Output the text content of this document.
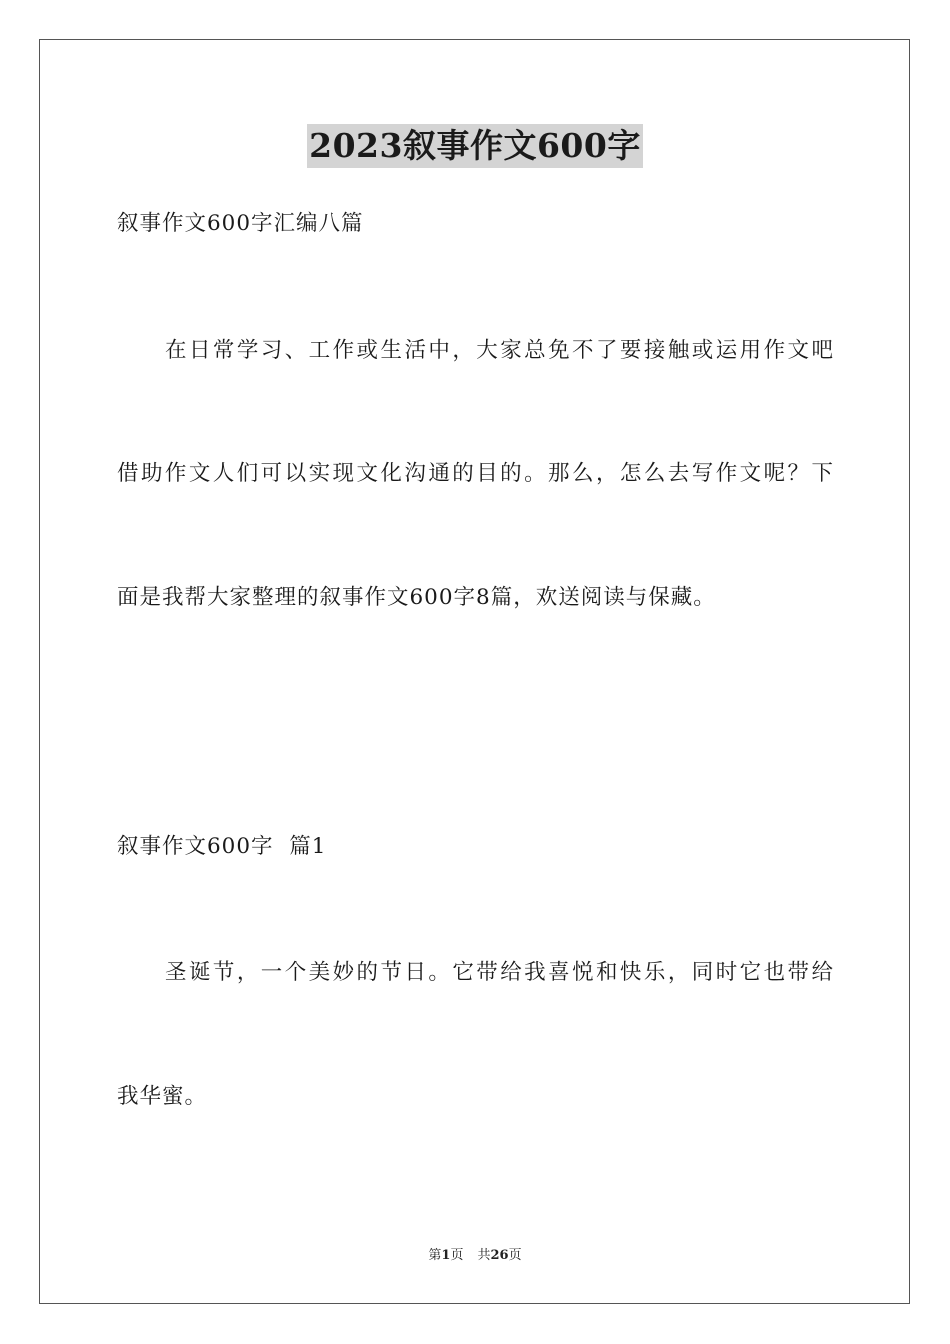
2023叙事作文600字
叙事作文600字汇编八篇
在日常学习、工作或生活中，大家总免不了要接触或运用作文吧
借助作文人们可以实现文化沟通的目的。那么，怎么去写作文呢？下
面是我帮大家整理的叙事作文600字8篇，欢送阅读与保藏。
叙事作文600字  篇1
圣诞节，一个美妙的节日。它带给我喜悦和快乐，同时它也带给
我华蜜。
第1页 共26页
